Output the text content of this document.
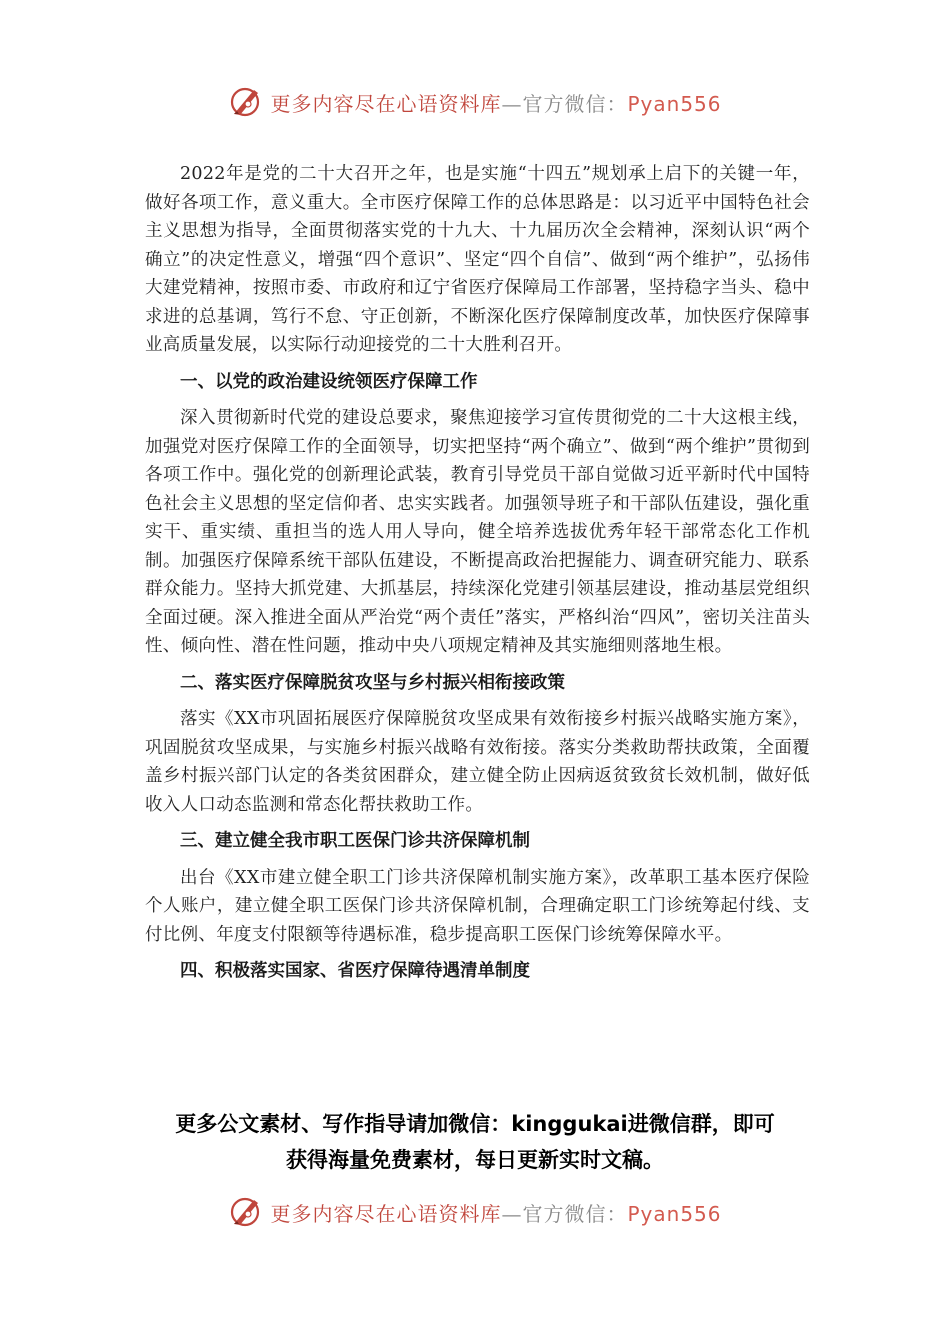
更多内容尽在心语资料库—官方微信：Pyan556

2022年是党的二十大召开之年，也是实施“十四五”规划承上启下的关键一年，做好各项工作，意义重大。全市医疗保障工作的总体思路是：以习近平中国特色社会主义思想为指导，全面贯彻落实党的十九大、十九届历次全会精神，深刻认识“两个确立”的决定性意义，增强“四个意识”、坚定“四个自信”、做到“两个维护”，弘扬伟大建党精神，按照市委、市政府和辽宁省医疗保障局工作部署，坚持稳字当头、稳中求进的总基调，笃行不怠、守正创新，不断深化医疗保障制度改革，加快医疗保障事业高质量发展，以实际行动迎接党的二十大胜利召开。

一、以党的政治建设统领医疗保障工作

深入贯彻新时代党的建设总要求，聚焦迎接学习宣传贯彻党的二十大这根主线，加强党对医疗保障工作的全面领导，切实把坚持“两个确立”、做到“两个维护”贯彻到各项工作中。强化党的创新理论武装，教育引导党员干部自觉做习近平新时代中国特色社会主义思想的坚定信仰者、忠实实践者。加强领导班子和干部队伍建设，强化重实干、重实绩、重担当的选人用人导向，健全培养选拔优秀年轻干部常态化工作机制。加强医疗保障系统干部队伍建设，不断提高政治把握能力、调查研究能力、联系群众能力。坚持大抓党建、大抓基层，持续深化党建引领基层建设，推动基层党组织全面过硬。深入推进全面从严治党“两个责任”落实，严格纠治“四风”，密切关注苗头性、倾向性、潜在性问题，推动中央八项规定精神及其实施细则落地生根。

二、落实医疗保障脱贫攻坚与乡村振兴相衔接政策

落实《XX市巩固拓展医疗保障脱贫攻坚成果有效衔接乡村振兴战略实施方案》，巩固脱贫攻坚成果，与实施乡村振兴战略有效衔接。落实分类救助帮扶政策，全面覆盖乡村振兴部门认定的各类贫困群众，建立健全防止因病返贫致贫长效机制，做好低收入人口动态监测和常态化帮扶救助工作。

三、建立健全我市职工医保门诊共济保障机制

出台《XX市建立健全职工门诊共济保障机制实施方案》，改革职工基本医疗保险个人账户，建立健全职工医保门诊共济保障机制，合理确定职工门诊统筹起付线、支付比例、年度支付限额等待遇标准，稳步提高职工医保门诊统筹保障水平。

四、积极落实国家、省医疗保障待遇清单制度

更多公文素材、写作指导请加微信：kinggukai进微信群，即可

获得海量免费素材，每日更新实时文稿。

更多内容尽在心语资料库—官方微信：Pyan556
